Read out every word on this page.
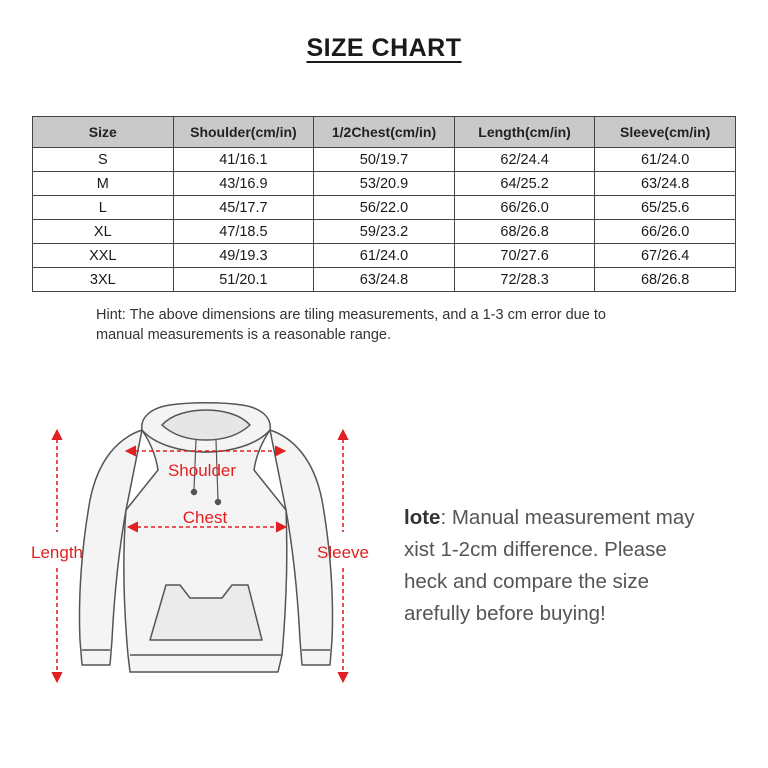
SIZE CHART
Size	Shoulder(cm/in)	1/2Chest(cm/in)	Length(cm/in)	Sleeve(cm/in)
S	41/16.1	50/19.7	62/24.4	61/24.0
M	43/16.9	53/20.9	64/25.2	63/24.8
L	45/17.7	56/22.0	66/26.0	65/25.6
XL	47/18.5	59/23.2	68/26.8	66/26.0
XXL	49/19.3	61/24.0	70/27.6	67/26.4
3XL	51/20.1	63/24.8	72/28.3	68/26.8
Hint: The above dimensions are tiling measurements, and a 1-3 cm error due to
manual measurements is a reasonable range.
Shoulder
Chest
Length	Sleeve
lote: Manual measurement may
xist 1-2cm difference. Please
heck and compare the size
arefully before buying!
